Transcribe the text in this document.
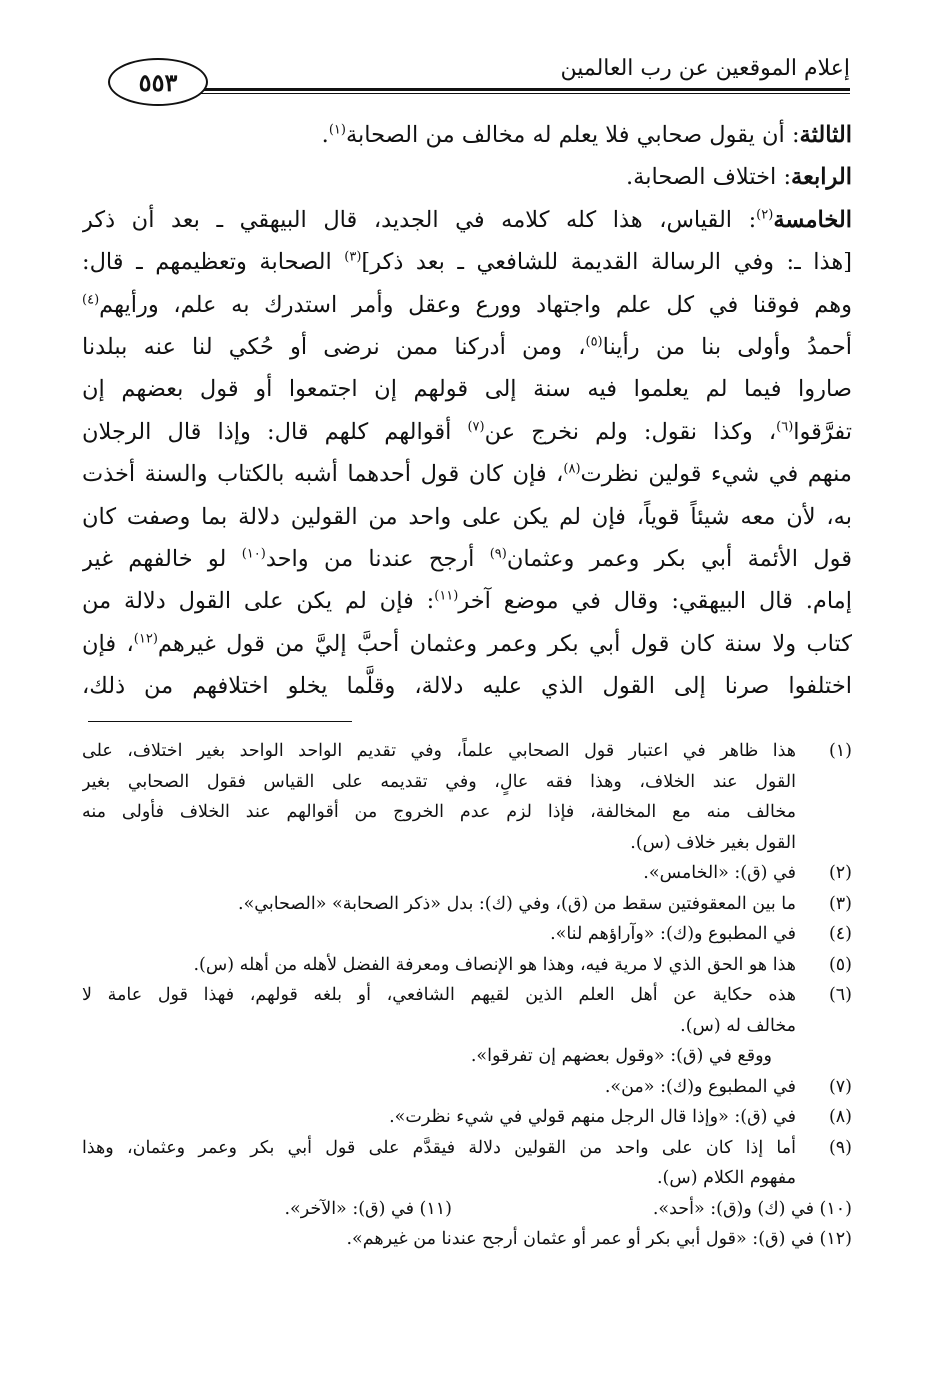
إعلام الموقعين عن رب العالمين
٥٥٣
الثالثة: أن يقول صحابي فلا يعلم له مخالف من الصحابة$^{(١)}$.
الرابعة: اختلاف الصحابة.
الخامسة$^{(٢)}$: القياس، هذا كله كلامه في الجديد، قال البيهقي ـ بعد أن ذكر
[هذا ـ: وفي الرسالة القديمة للشافعي ـ بعد ذكر]$^{(٣)}$ الصحابة وتعظيمهم ـ قال:
وهم فوقنا في كل علم واجتهاد وورع وعقل وأمر استدرك به علم، ورأيهم$^{(٤)}$
أحمدُ وأولى بنا من رأينا$^{(٥)}$، ومن أدركنا ممن نرضى أو حُكي لنا عنه ببلدنا
صاروا فيما لم يعلموا فيه سنة إلى قولهم إن اجتمعوا أو قول بعضهم إن
تفرَّقوا$^{(٦)}$، وكذا نقول: ولم نخرج عن$^{(٧)}$ أقوالهم كلهم قال: وإذا قال الرجلان
منهم في شيء قولين نظرت$^{(٨)}$، فإن كان قول أحدهما أشبه بالكتاب والسنة أخذت
به، لأن معه شيئاً قوياً، فإن لم يكن على واحد من القولين دلالة بما وصفت كان
قول الأئمة أبي بكر وعمر وعثمان$^{(٩)}$ أرجح عندنا من واحد$^{(١٠)}$ لو خالفهم غير
إمام. قال البيهقي: وقال في موضع آخر$^{(١١)}$: فإن لم يكن على القول دلالة من
كتاب ولا سنة كان قول أبي بكر وعمر وعثمان أحبَّ إليَّ من قول غيرهم$^{(١٢)}$، فإن
اختلفوا صرنا إلى القول الذي عليه دلالة، وقلَّما يخلو اختلافهم من ذلك،
(١)
هذا ظاهر في اعتبار قول الصحابي علماً، وفي تقديم الواحد الواحد بغير اختلاف، على
القول عند الخلاف، وهذا فقه عالٍ، وفي تقديمه على القياس فقول الصحابي بغير
مخالف منه مع المخالفة، فإذا لزم عدم الخروج من أقوالهم عند الخلاف فأولى منه
القول بغير خلاف (س).
(٢)
في (ق): «الخامس».
(٣)
ما بين المعقوفتين سقط من (ق)، وفي (ك): بدل «ذكر الصحابة» «الصحابي».
(٤)
في المطبوع و(ك): «وآراؤهم لنا».
(٥)
هذا هو الحق الذي لا مرية فيه، وهذا هو الإنصاف ومعرفة الفضل لأهله من أهله (س).
(٦)
هذه حكاية عن أهل العلم الذين لقيهم الشافعي، أو بلغه قولهم، فهذا قول عامة لا
مخالف له (س).
ووقع في (ق): «وقول بعضهم إن تفرقوا».
(٧)
في المطبوع و(ك): «من».
(٨)
في (ق): «وإذا قال الرجل منهم قولي في شيء نظرت».
(٩)
أما إذا كان على واحد من القولين دلالة فيقدَّم على قول أبي بكر وعمر وعثمان، وهذا
مفهوم الكلام (س).
(١٠) في (ك) و(ق): «أحد».
(١١) في (ق): «الآخر».
(١٢) في (ق): «قول أبي بكر أو عمر أو عثمان أرجح عندنا من غيرهم».
